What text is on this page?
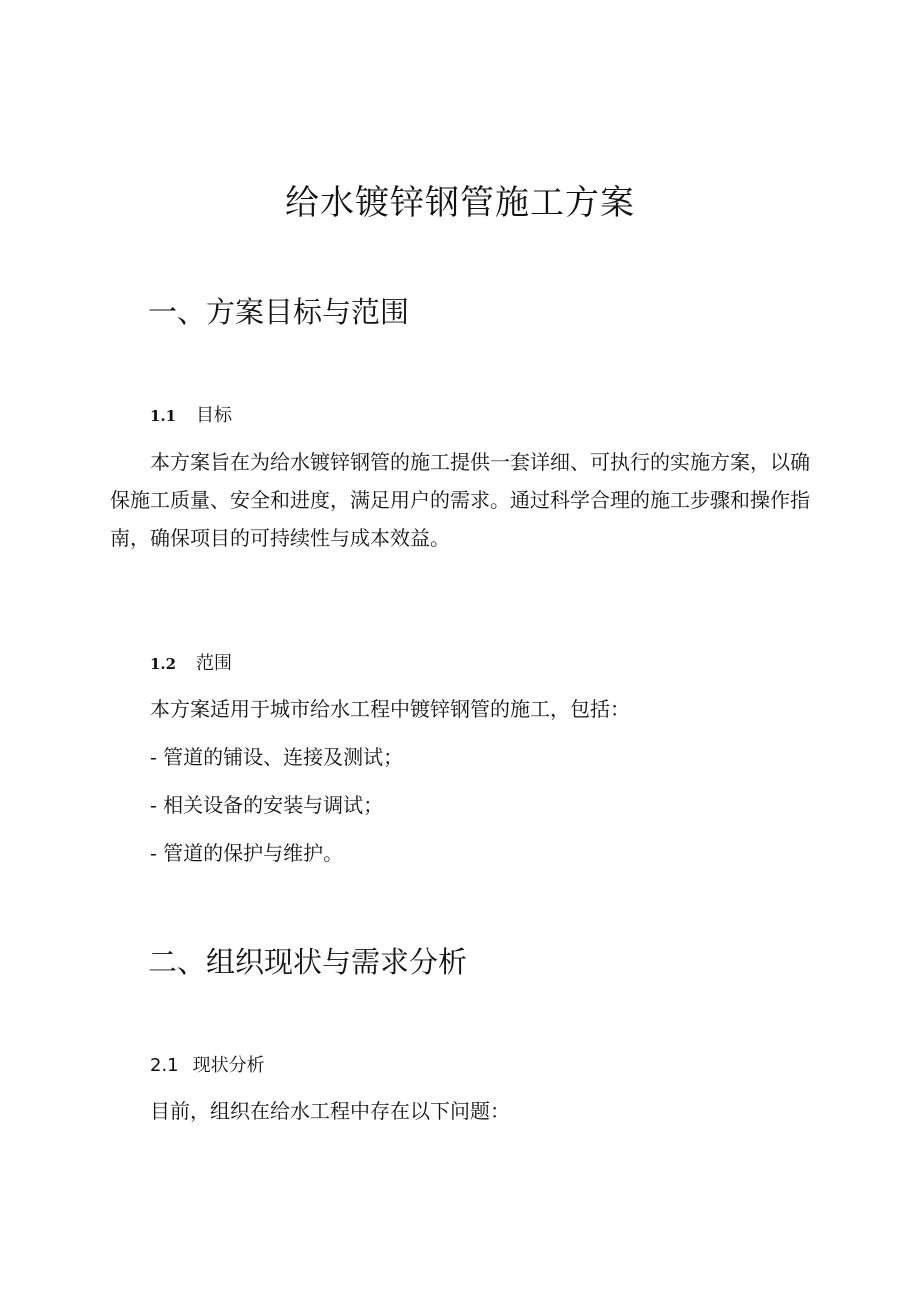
给水镀锌钢管施工方案
一、方案目标与范围
1.1 目标
本方案旨在为给水镀锌钢管的施工提供一套详细、可执行的实施方案，以确保施工质量、安全和进度，满足用户的需求。通过科学合理的施工步骤和操作指南，确保项目的可持续性与成本效益。
1.2 范围
本方案适用于城市给水工程中镀锌钢管的施工，包括：
- 管道的铺设、连接及测试；
- 相关设备的安装与调试；
- 管道的保护与维护。
二、组织现状与需求分析
2.1 现状分析
目前，组织在给水工程中存在以下问题：
